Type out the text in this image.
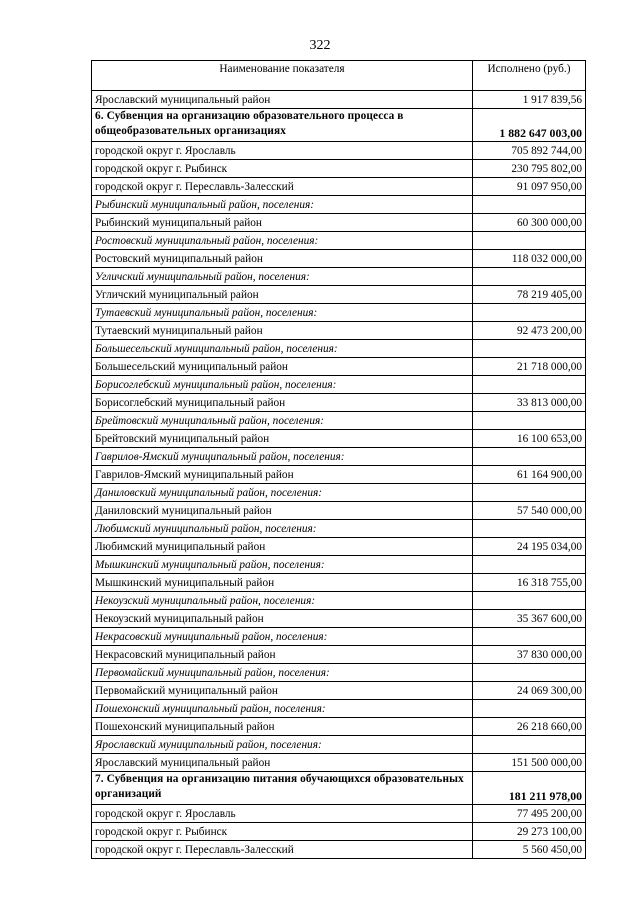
322
Наименование показателя	Исполнено (руб.)
Ярославский муниципальный район	1 917 839,56
6. Субвенция на организацию образовательного процесса в общеобразовательных организациях	1 882 647 003,00
городской округ г. Ярославль	705 892 744,00
городской округ г. Рыбинск	230 795 802,00
городской округ г. Переславль-Залесский	91 097 950,00
Рыбинский муниципальный район, поселения:	
Рыбинский муниципальный район	60 300 000,00
Ростовский муниципальный район, поселения:	
Ростовский муниципальный район	118 032 000,00
Угличский муниципальный район, поселения:	
Угличский муниципальный район	78 219 405,00
Тутаевский муниципальный район, поселения:	
Тутаевский муниципальный район	92 473 200,00
Большесельский муниципальный район, поселения:	
Большесельский муниципальный район	21 718 000,00
Борисоглебский муниципальный район, поселения:	
Борисоглебский муниципальный район	33 813 000,00
Брейтовский муниципальный район, поселения:	
Брейтовский муниципальный район	16 100 653,00
Гаврилов-Ямский муниципальный район, поселения:	
Гаврилов-Ямский муниципальный район	61 164 900,00
Даниловский муниципальный район, поселения:	
Даниловский муниципальный район	57 540 000,00
Любимский муниципальный район, поселения:	
Любимский муниципальный район	24 195 034,00
Мышкинский муниципальный район, поселения:	
Мышкинский муниципальный район	16 318 755,00
Некоузский муниципальный район, поселения:	
Некоузский муниципальный район	35 367 600,00
Некрасовский муниципальный район, поселения:	
Некрасовский муниципальный район	37 830 000,00
Первомайский муниципальный район, поселения:	
Первомайский муниципальный район	24 069 300,00
Пошехонский муниципальный район, поселения:	
Пошехонский муниципальный район	26 218 660,00
Ярославский муниципальный район, поселения:	
Ярославский муниципальный район	151 500 000,00
7. Субвенция на организацию питания обучающихся образовательных организаций	181 211 978,00
городской округ г. Ярославль	77 495 200,00
городской округ г. Рыбинск	29 273 100,00
городской округ г. Переславль-Залесский	5 560 450,00
